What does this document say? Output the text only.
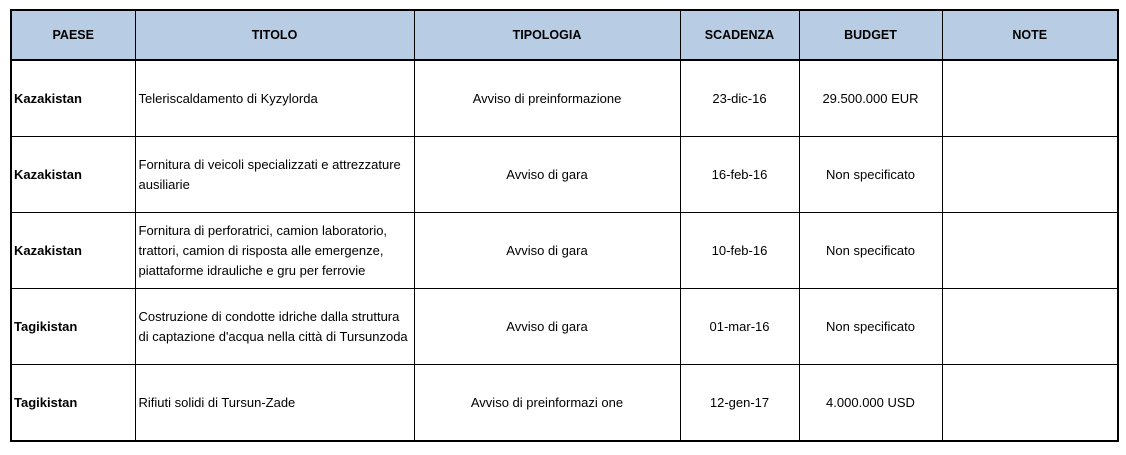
PAESE	TITOLO	TIPOLOGIA	SCADENZA	BUDGET	NOTE
Kazakistan	Teleriscaldamento di Kyzylorda	Avviso di preinformazione	23-dic-16	29.500.000 EUR	
Kazakistan	Fornitura di veicoli specializzati e attrezzature ausiliarie	Avviso di gara	16-feb-16	Non specificato	
Kazakistan	Fornitura di perforatrici, camion laboratorio, trattori, camion di risposta alle emergenze, piattaforme idrauliche e gru per ferrovie	Avviso di gara	10-feb-16	Non specificato	
Tagikistan	Costruzione di condotte idriche dalla struttura di captazione d'acqua nella città di Tursunzoda	Avviso di gara	01-mar-16	Non specificato	
Tagikistan	Rifiuti solidi di Tursun-Zade	Avviso di preinformazi one	12-gen-17	4.000.000 USD	
